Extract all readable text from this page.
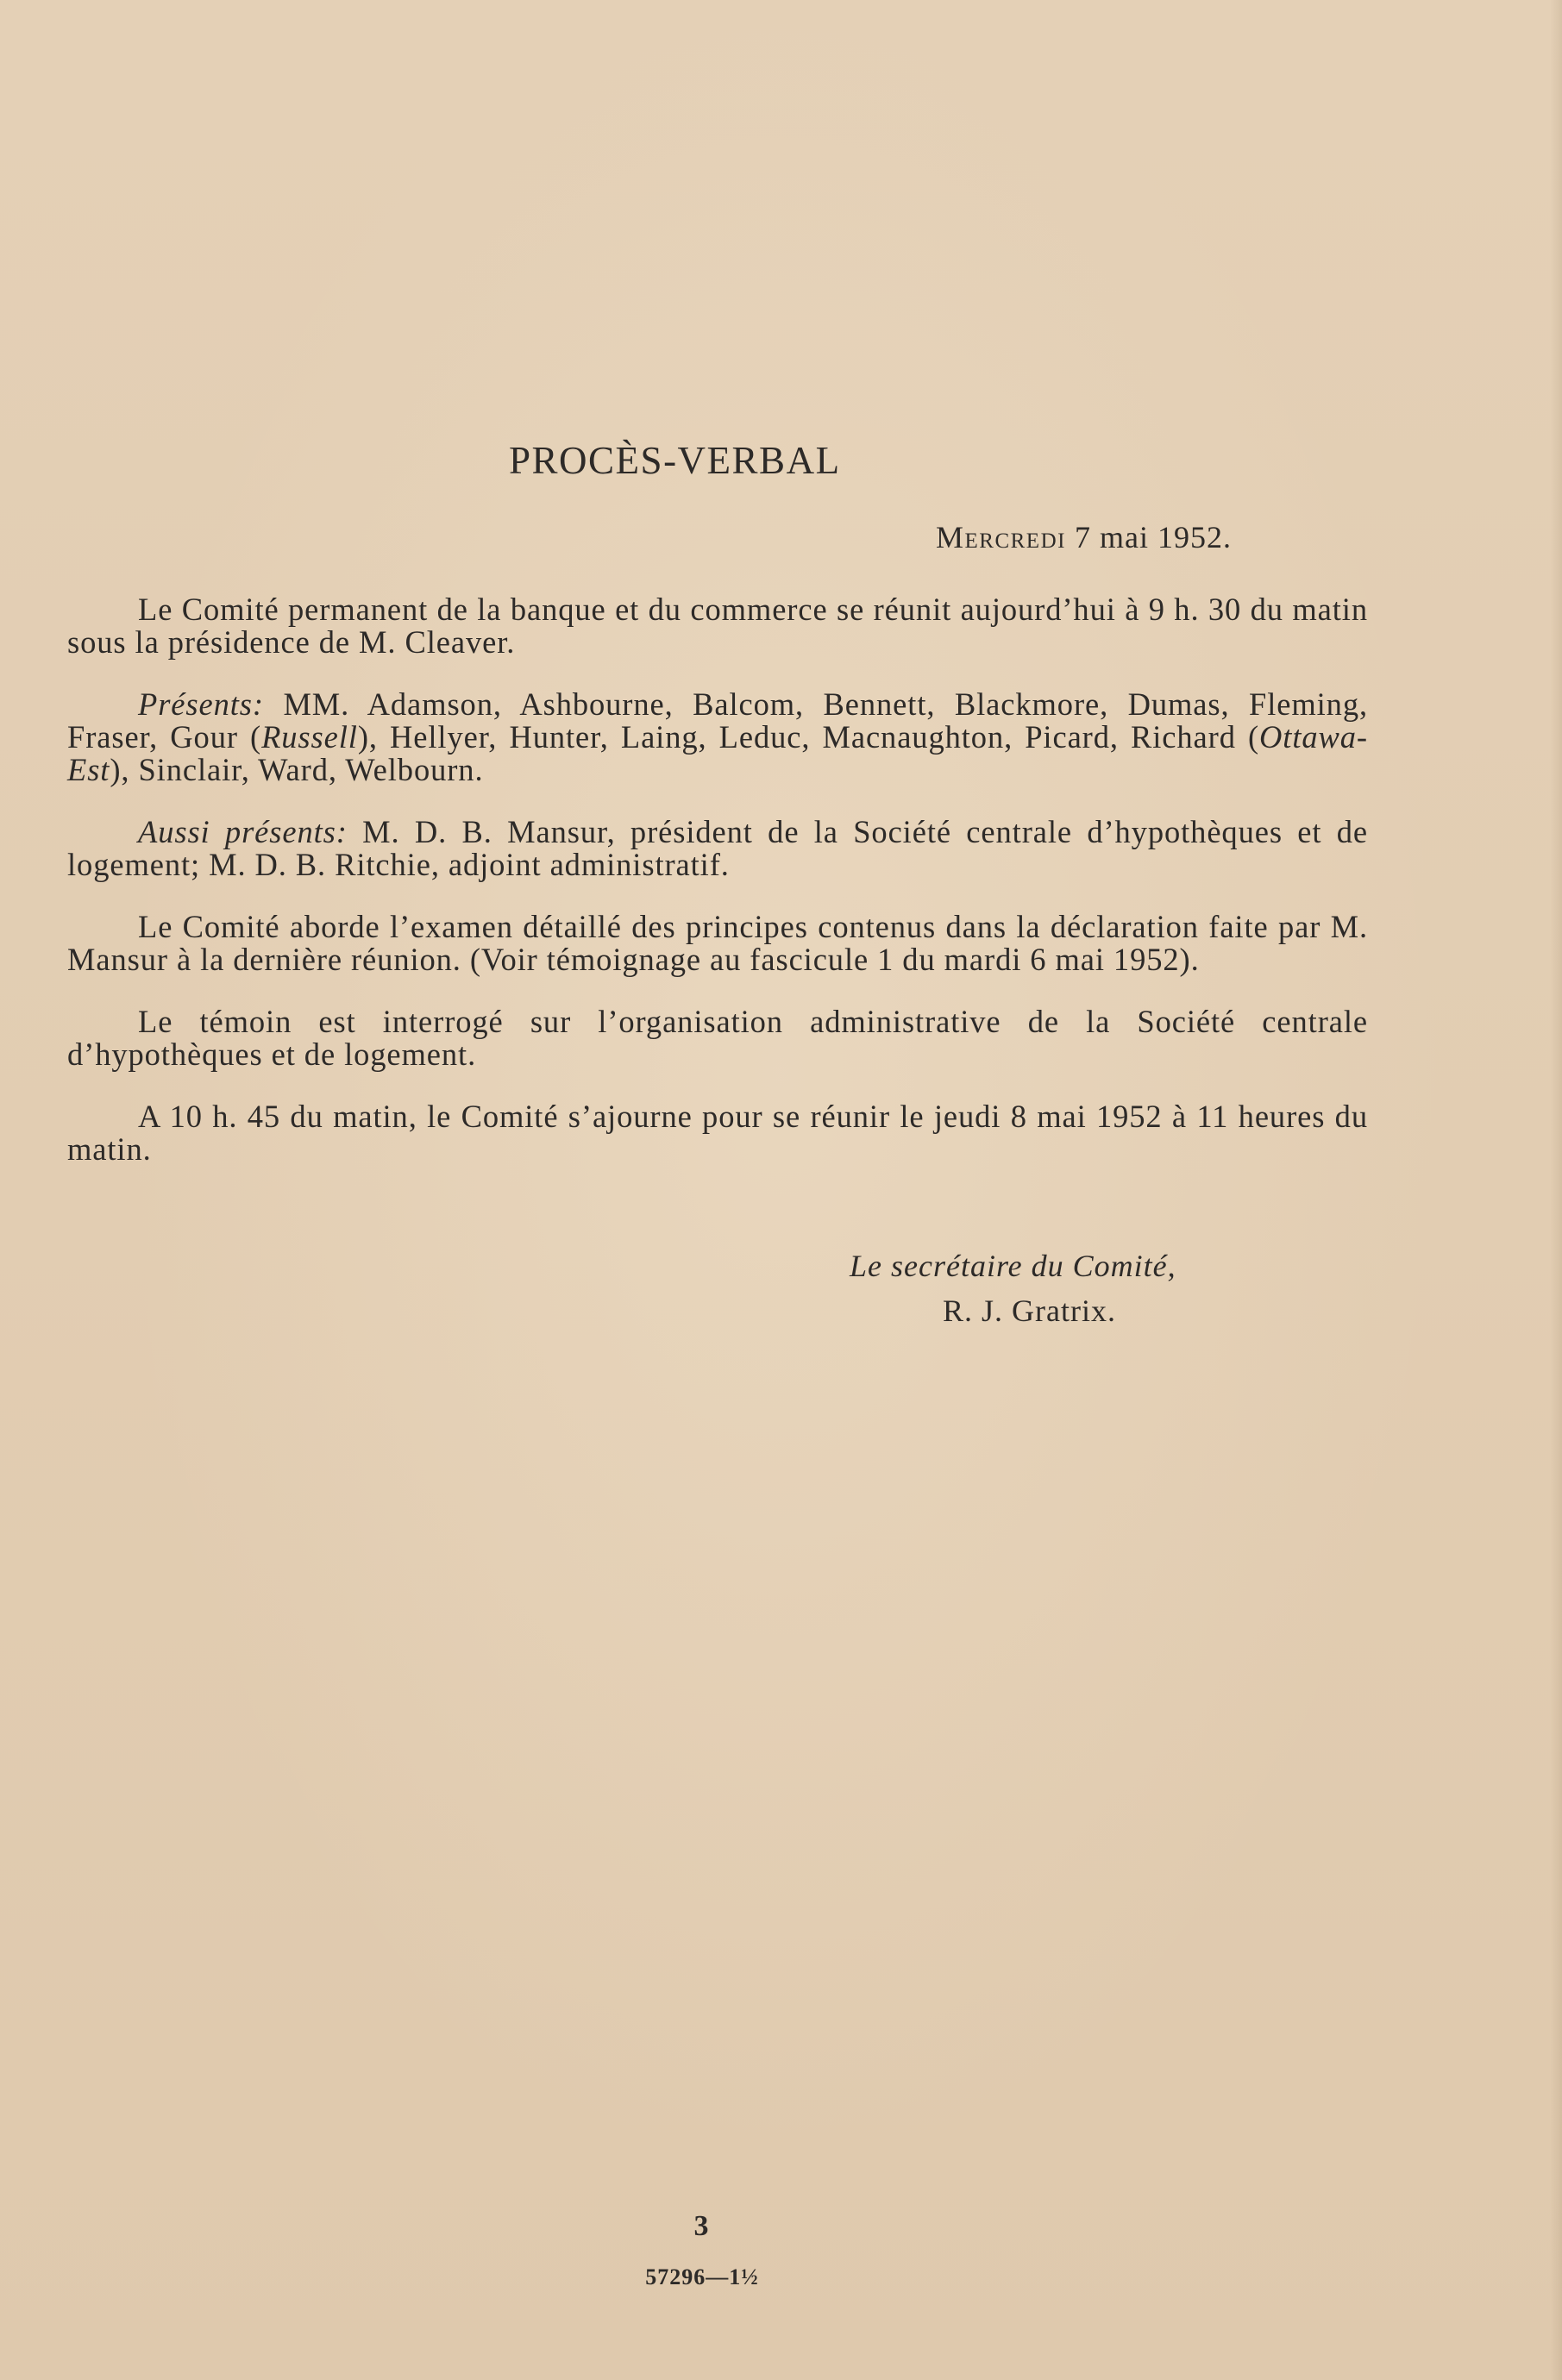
PROCÈS-VERBAL
Mercredi 7 mai 1952.

Le Comité permanent de la banque et du commerce se réunit aujourd’hui à 9 h. 30 du matin sous la présidence de M. Cleaver.

Présents: MM. Adamson, Ashbourne, Balcom, Bennett, Blackmore, Dumas, Fleming, Fraser, Gour (Russell), Hellyer, Hunter, Laing, Leduc, Macnaughton, Picard, Richard (Ottawa-Est), Sinclair, Ward, Welbourn.

Aussi présents: M. D. B. Mansur, président de la Société centrale d’hypothèques et de logement; M. D. B. Ritchie, adjoint administratif.

Le Comité aborde l’examen détaillé des principes contenus dans la déclaration faite par M. Mansur à la dernière réunion. (Voir témoignage au fascicule 1 du mardi 6 mai 1952).

Le témoin est interrogé sur l’organisation administrative de la Société centrale d’hypothèques et de logement.

A 10 h. 45 du matin, le Comité s’ajourne pour se réunir le jeudi 8 mai 1952 à 11 heures du matin.

Le secrétaire du Comité,
R. J. Gratrix.
3
57296—1½
